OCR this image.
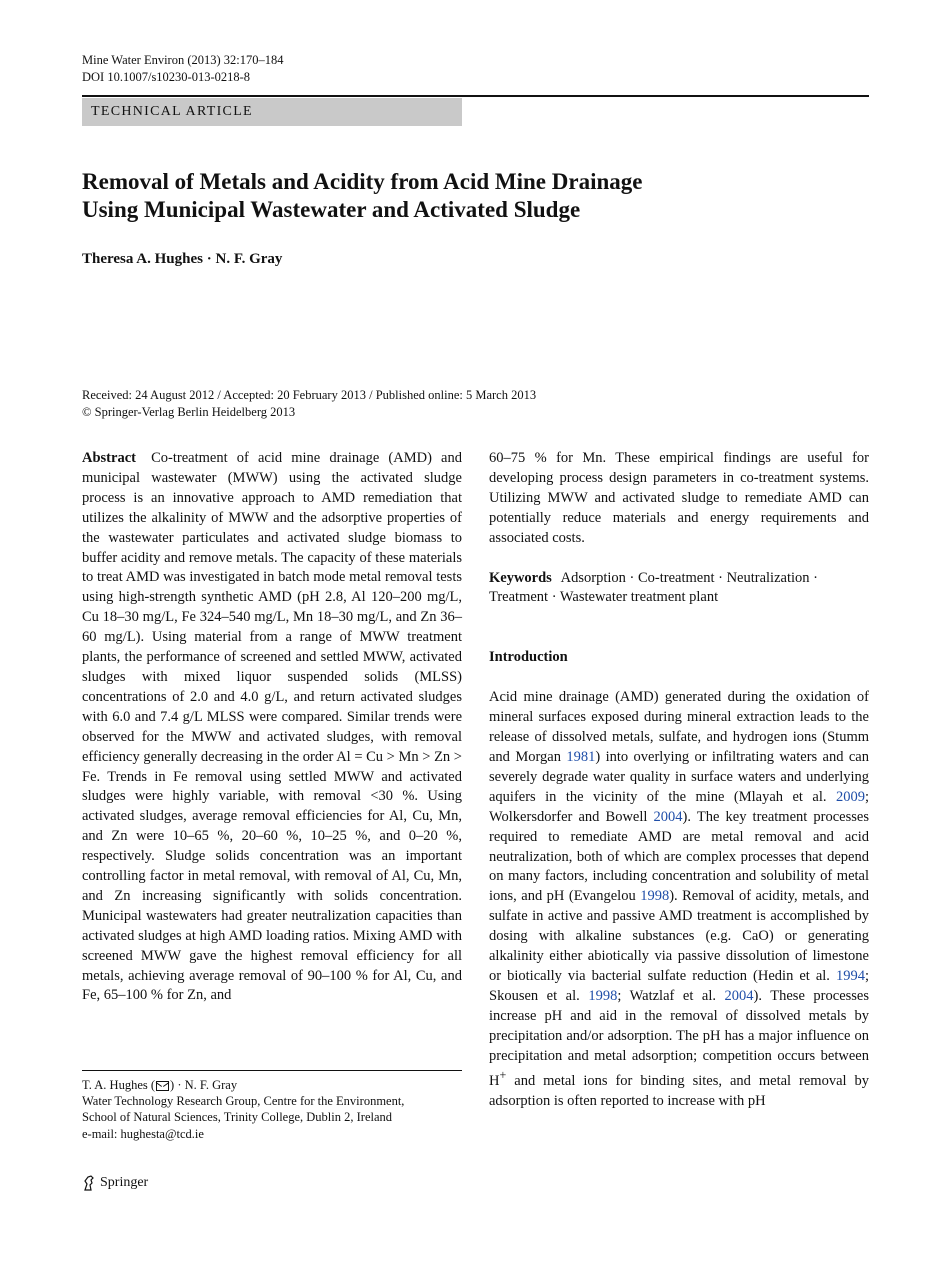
Mine Water Environ (2013) 32:170–184
DOI 10.1007/s10230-013-0218-8
TECHNICAL ARTICLE
Removal of Metals and Acidity from Acid Mine Drainage
Using Municipal Wastewater and Activated Sludge
Theresa A. Hughes · N. F. Gray
Received: 24 August 2012 / Accepted: 20 February 2013 / Published online: 5 March 2013
© Springer-Verlag Berlin Heidelberg 2013

Abstract Co-treatment of acid mine drainage (AMD) and municipal wastewater (MWW) using the activated sludge process is an innovative approach to AMD remediation that utilizes the alkalinity of MWW and the adsorptive properties of the wastewater particulates and activated sludge biomass to buffer acidity and remove metals. The capacity of these materials to treat AMD was investigated in batch mode metal removal tests using high-strength synthetic AMD (pH 2.8, Al 120–200 mg/L, Cu 18–30 mg/L, Fe 324–540 mg/L, Mn 18–30 mg/L, and Zn 36–60 mg/L). Using material from a range of MWW treatment plants, the performance of screened and settled MWW, activated sludges with mixed liquor suspended solids (MLSS) concentrations of 2.0 and 4.0 g/L, and return activated sludges with 6.0 and 7.4 g/L MLSS were compared. Similar trends were observed for the MWW and activated sludges, with removal efficiency generally decreasing in the order Al = Cu > Mn > Zn > Fe. Trends in Fe removal using settled MWW and activated sludges were highly variable, with removal <30 %. Using activated sludges, average removal efficiencies for Al, Cu, Mn, and Zn were 10–65 %, 20–60 %, 10–25 %, and 0–20 %, respectively. Sludge solids concentration was an important controlling factor in metal removal, with removal of Al, Cu, Mn, and Zn increasing significantly with solids concentration. Municipal wastewaters had greater neutralization capacities than activated sludges at high AMD loading ratios. Mixing AMD with screened MWW gave the highest removal efficiency for all metals, achieving average removal of 90–100 % for Al, Cu, and Fe, 65–100 % for Zn, and

60–75 % for Mn. These empirical findings are useful for developing process design parameters in co-treatment systems. Utilizing MWW and activated sludge to remediate AMD can potentially reduce materials and energy requirements and associated costs.

Keywords Adsorption · Co-treatment · Neutralization · Treatment · Wastewater treatment plant

Introduction

Acid mine drainage (AMD) generated during the oxidation of mineral surfaces exposed during mineral extraction leads to the release of dissolved metals, sulfate, and hydrogen ions (Stumm and Morgan 1981) into overlying or infiltrating waters and can severely degrade water quality in surface waters and underlying aquifers in the vicinity of the mine (Mlayah et al. 2009; Wolkersdorfer and Bowell 2004). The key treatment processes required to remediate AMD are metal removal and acid neutralization, both of which are complex processes that depend on many factors, including concentration and solubility of metal ions, and pH (Evangelou 1998). Removal of acidity, metals, and sulfate in active and passive AMD treatment is accomplished by dosing with alkaline substances (e.g. CaO) or generating alkalinity either abiotically via passive dissolution of limestone or biotically via bacterial sulfate reduction (Hedin et al. 1994; Skousen et al. 1998; Watzlaf et al. 2004). These processes increase pH and aid in the removal of dissolved metals by precipitation and/or adsorption. The pH has a major influence on precipitation and metal adsorption; competition occurs between H+ and metal ions for binding sites, and metal removal by adsorption is often reported to increase with pH

T. A. Hughes ( ) · N. F. Gray
Water Technology Research Group, Centre for the Environment,
School of Natural Sciences, Trinity College, Dublin 2, Ireland
e-mail: hughesta@tcd.ie
Springer
